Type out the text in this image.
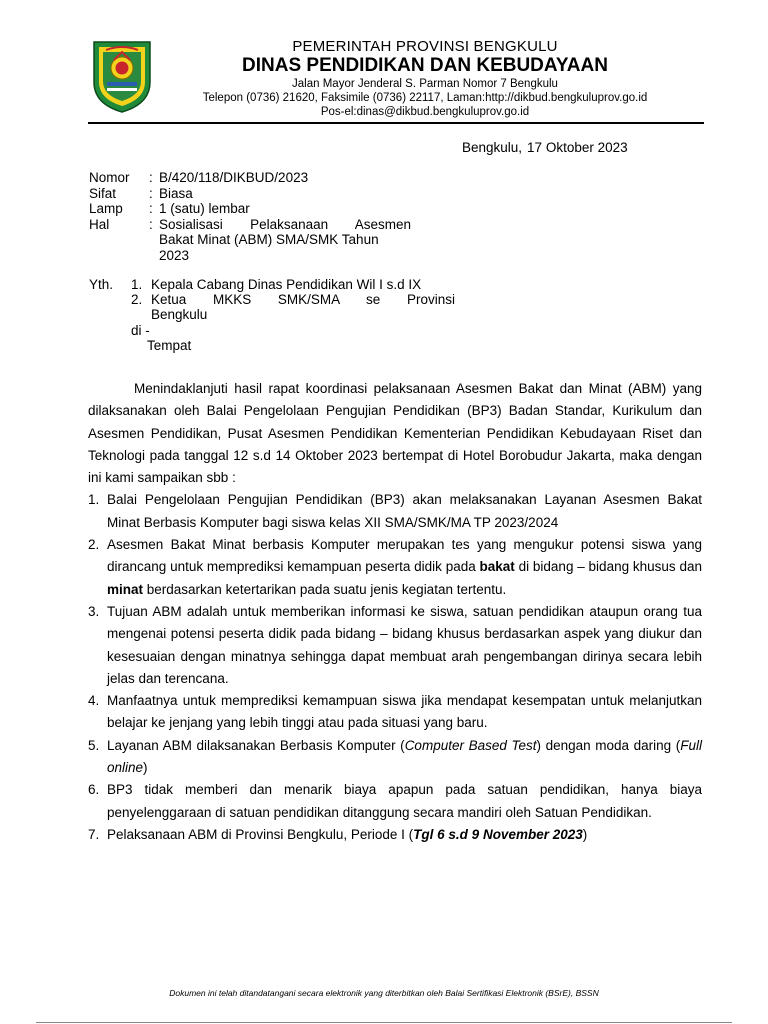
PEMERINTAH PROVINSI BENGKULU
DINAS PENDIDIKAN DAN KEBUDAYAAN
Jalan Mayor Jenderal S. Parman Nomor 7 Bengkulu
Telepon (0736) 21620, Faksimile (0736) 22117, Laman:http://dikbud.bengkuluprov.go.id
Pos-el:dinas@dikbud.bengkuluprov.go.id
Bengkulu, 17 Oktober 2023
Nomor	: B/420/118/DIKBUD/2023
Sifat	: Biasa
Lamp	: 1 (satu) lembar
Hal	: Sosialisasi Pelaksanaan Asesmen
Bakat Minat (ABM) SMA/SMK Tahun
2023
Yth. 1. Kepala Cabang Dinas Pendidikan Wil I s.d IX
2. Ketua MKKS SMK/SMA se Provinsi
Bengkulu
di -
Tempat

Menindaklanjuti hasil rapat koordinasi pelaksanaan Asesmen Bakat dan Minat (ABM) yang dilaksanakan oleh Balai Pengelolaan Pengujian Pendidikan (BP3) Badan Standar, Kurikulum dan Asesmen Pendidikan, Pusat Asesmen Pendidikan Kementerian Pendidikan Kebudayaan Riset dan Teknologi pada tanggal 12 s.d 14 Oktober 2023 bertempat di Hotel Borobudur Jakarta, maka dengan ini kami sampaikan sbb :

1. Balai Pengelolaan Pengujian Pendidikan (BP3) akan melaksanakan Layanan Asesmen Bakat Minat Berbasis Komputer bagi siswa kelas XII SMA/SMK/MA TP 2023/2024
2. Asesmen Bakat Minat berbasis Komputer merupakan tes yang mengukur potensi siswa yang dirancang untuk memprediksi kemampuan peserta didik pada bakat di bidang – bidang khusus dan minat berdasarkan ketertarikan pada suatu jenis kegiatan tertentu.
3. Tujuan ABM adalah untuk memberikan informasi ke siswa, satuan pendidikan ataupun orang tua mengenai potensi peserta didik pada bidang – bidang khusus berdasarkan aspek yang diukur dan kesesuaian dengan minatnya sehingga dapat membuat arah pengembangan dirinya secara lebih jelas dan terencana.
4. Manfaatnya untuk memprediksi kemampuan siswa jika mendapat kesempatan untuk melanjutkan belajar ke jenjang yang lebih tinggi atau pada situasi yang baru.
5. Layanan ABM dilaksanakan Berbasis Komputer (Computer Based Test) dengan moda daring (Full online)
6. BP3 tidak memberi dan menarik biaya apapun pada satuan pendidikan, hanya biaya penyelenggaraan di satuan pendidikan ditanggung secara mandiri oleh Satuan Pendidikan.
7. Pelaksanaan ABM di Provinsi Bengkulu, Periode I (Tgl 6 s.d 9 November 2023)
Dokumen ini telah ditandatangani secara elektronik yang diterbitkan oleh Balai Sertifikasi Elektronik (BSrE), BSSN
